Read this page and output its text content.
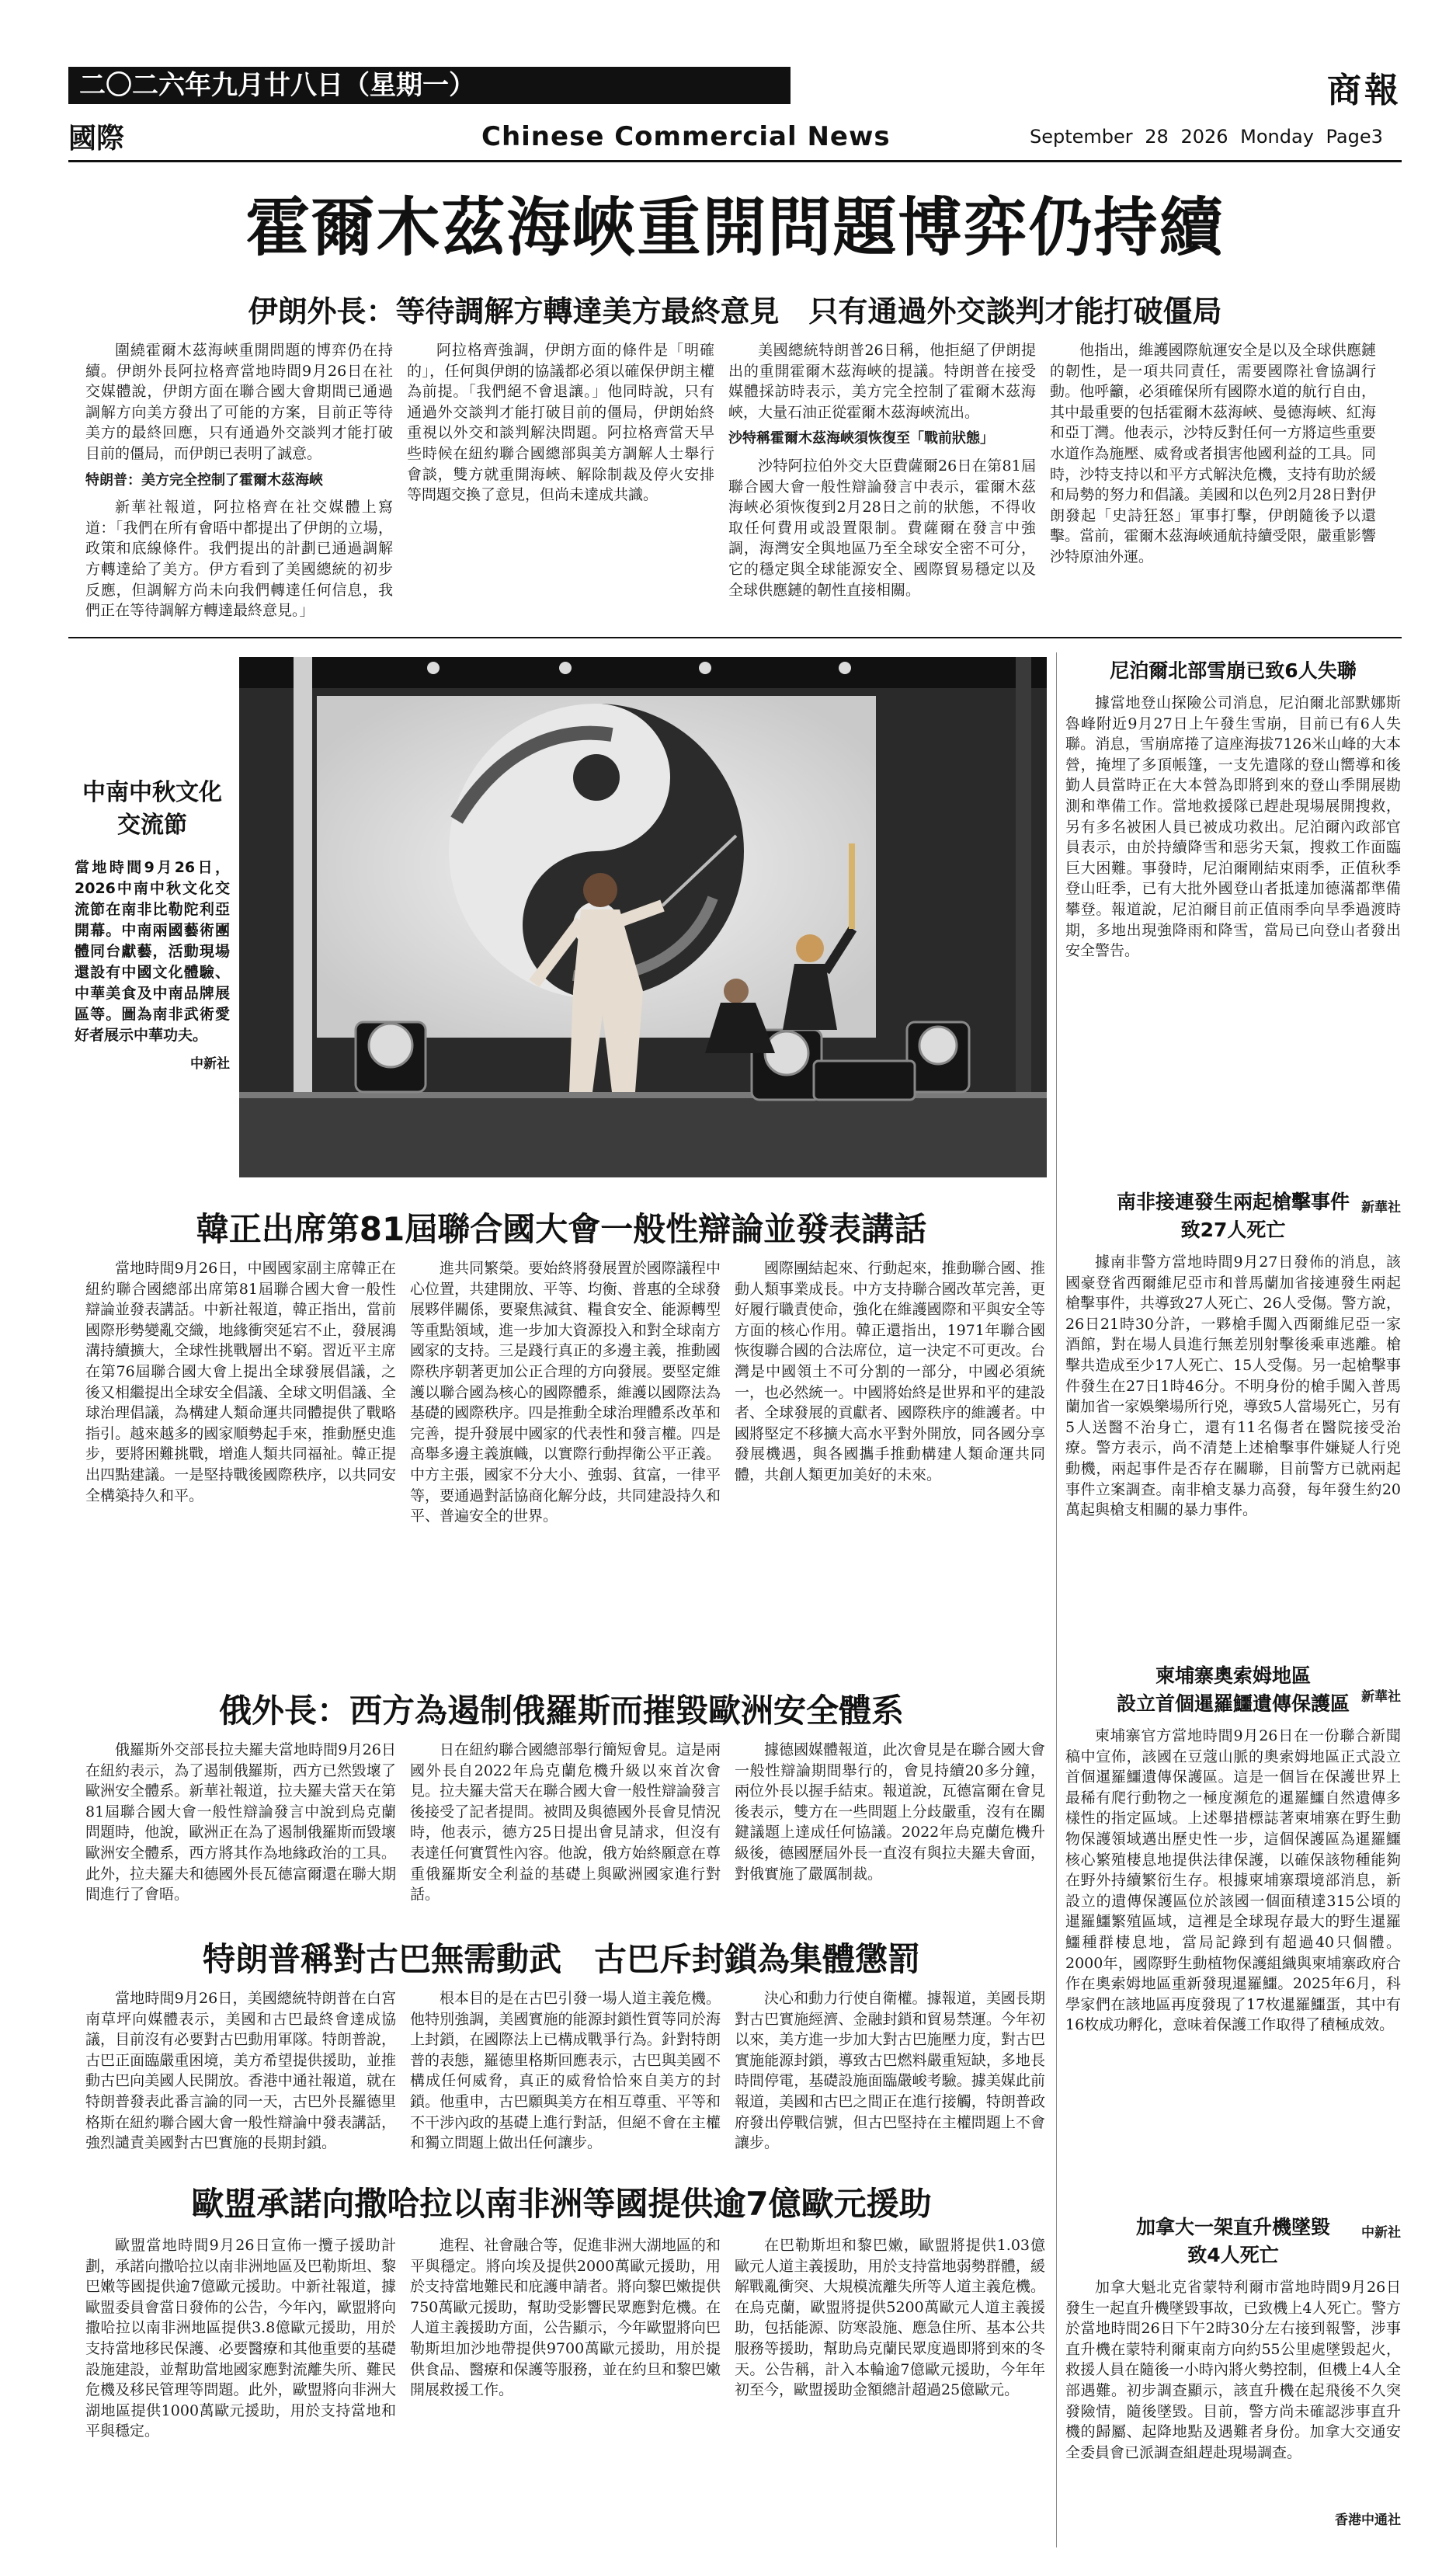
二〇二六年九月廿八日（星期一）	商報
國際	Chinese Commercial News	September 28 2026 Monday Page3
霍爾木茲海峽重開問題博弈仍持續
伊朗外長：等待調解方轉達美方最終意見　只有通過外交談判才能打破僵局

圍繞霍爾木茲海峽重開問題的博弈仍在持續。伊朗外長阿拉格齊當地時間9月26日在社交媒體說，伊朗方面在聯合國大會期間已通過調解方向美方發出了可能的方案，目前正等待美方的最終回應，只有通過外交談判才能打破目前的僵局，而伊朗已表明了誠意。

特朗普：美方完全控制了霍爾木茲海峽

新華社報道，阿拉格齊在社交媒體上寫道：「我們在所有會晤中都提出了伊朗的立場，政策和底線條件。我們提出的計劃已通過調解方轉達給了美方。伊方看到了美國總統的初步反應，但調解方尚未向我們轉達任何信息，我們正在等待調解方轉達最終意見。」

阿拉格齊強調，伊朗方面的條件是「明確的」，任何與伊朗的協議都必須以確保伊朗主權為前提。「我們絕不會退讓。」他同時說，只有通過外交談判才能打破目前的僵局，伊朗始終重視以外交和談判解決問題。阿拉格齊當天早些時候在紐約聯合國總部與美方調解人士舉行會談，雙方就重開海峽、解除制裁及停火安排等問題交換了意見，但尚未達成共識。

美國總統特朗普26日稱，他拒絕了伊朗提出的重開霍爾木茲海峽的提議。特朗普在接受媒體採訪時表示，美方完全控制了霍爾木茲海峽，大量石油正從霍爾木茲海峽流出。

沙特稱霍爾木茲海峽須恢復至「戰前狀態」

沙特阿拉伯外交大臣費薩爾26日在第81屆聯合國大會一般性辯論發言中表示，霍爾木茲海峽必須恢復到2月28日之前的狀態，不得收取任何費用或設置限制。費薩爾在發言中強調，海灣安全與地區乃至全球安全密不可分，它的穩定與全球能源安全、國際貿易穩定以及全球供應鏈的韌性直接相關。

他指出，維護國際航運安全是以及全球供應鏈的韌性，是一項共同責任，需要國際社會協調行動。他呼籲，必須確保所有國際水道的航行自由，其中最重要的包括霍爾木茲海峽、曼德海峽、紅海和亞丁灣。他表示，沙特反對任何一方將這些重要水道作為施壓、威脅或者損害他國利益的工具。同時，沙特支持以和平方式解決危機，支持有助於緩和局勢的努力和倡議。美國和以色列2月28日對伊朗發起「史詩狂怒」軍事打擊，伊朗隨後予以還擊。當前，霍爾木茲海峽通航持續受限，嚴重影響沙特原油外運。

中南中秋文化交流節
當地時間9月26日，2026中南中秋文化交流節在南非比勒陀利亞開幕。中南兩國藝術團體同台獻藝，活動現場還設有中國文化體驗、中華美食及中南品牌展區等。圖為南非武術愛好者展示中華功夫。
中新社
尼泊爾北部雪崩已致6人失聯

據當地登山探險公司消息，尼泊爾北部默娜斯魯峰附近9月27日上午發生雪崩，目前已有6人失聯。消息，雪崩席捲了這座海拔7126米山峰的大本營，掩埋了多頂帳篷，一支先遣隊的登山嚮導和後勤人員當時正在大本營為即將到來的登山季開展勘測和準備工作。當地救援隊已趕赴現場展開搜救，另有多名被困人員已被成功救出。尼泊爾內政部官員表示，由於持續降雪和惡劣天氣，搜救工作面臨巨大困難。事發時，尼泊爾剛結束雨季，正值秋季登山旺季，已有大批外國登山者抵達加德滿都準備攀登。報道說，尼泊爾目前正值雨季向旱季過渡時期，多地出現強降雨和降雪，當局已向登山者發出安全警告。

新華社

南非接連發生兩起槍擊事件
致27人死亡

據南非警方當地時間9月27日發佈的消息，該國豪登省西爾維尼亞市和普馬蘭加省接連發生兩起槍擊事件，共導致27人死亡、26人受傷。警方說，26日21時30分許，一夥槍手闖入西爾維尼亞一家酒館，對在場人員進行無差別射擊後乘車逃離。槍擊共造成至少17人死亡、15人受傷。另一起槍擊事件發生在27日1時46分。不明身份的槍手闖入普馬蘭加省一家娛樂場所行兇，導致5人當場死亡，另有5人送醫不治身亡，還有11名傷者在醫院接受治療。警方表示，尚不清楚上述槍擊事件嫌疑人行兇動機，兩起事件是否存在關聯，目前警方已就兩起事件立案調查。南非槍支暴力高發，每年發生約20萬起與槍支相關的暴力事件。

新華社

柬埔寨奧索姆地區
設立首個暹羅鱷遺傳保護區

柬埔寨官方當地時間9月26日在一份聯合新聞稿中宣佈，該國在豆蔻山脈的奧索姆地區正式設立首個暹羅鱷遺傳保護區。這是一個旨在保護世界上最稀有爬行動物之一極度瀕危的暹羅鱷自然遺傳多樣性的指定區域。上述舉措標誌著柬埔寨在野生動物保護領域邁出歷史性一步，這個保護區為暹羅鱷核心繁殖棲息地提供法律保護，以確保該物種能夠在野外持續繁衍生存。根據柬埔寨環境部消息，新設立的遺傳保護區位於該國一個面積達315公頃的暹羅鱷繁殖區域，這裡是全球現存最大的野生暹羅鱷種群棲息地，當局記錄到有超過40只個體。2000年，國際野生動植物保護組織與柬埔寨政府合作在奧索姆地區重新發現暹羅鱷。2025年6月，科學家們在該地區再度發現了17枚暹羅鱷蛋，其中有16枚成功孵化，意味着保護工作取得了積極成效。

中新社

加拿大一架直升機墜毀
致4人死亡

加拿大魁北克省蒙特利爾市當地時間9月26日發生一起直升機墜毀事故，已致機上4人死亡。警方於當地時間26日下午2時30分左右接到報警，涉事直升機在蒙特利爾東南方向約55公里處墜毀起火，救援人員在隨後一小時內將火勢控制，但機上4人全部遇難。初步調查顯示，該直升機在起飛後不久突發險情，隨後墜毀。目前，警方尚未確認涉事直升機的歸屬、起降地點及遇難者身份。加拿大交通安全委員會已派調查組趕赴現場調查。

香港中通社

韓正出席第81屆聯合國大會一般性辯論並發表講話

當地時間9月26日，中國國家副主席韓正在紐約聯合國總部出席第81屆聯合國大會一般性辯論並發表講話。中新社報道，韓正指出，當前國際形勢變亂交織，地緣衝突延宕不止，發展鴻溝持續擴大，全球性挑戰層出不窮。習近平主席在第76屆聯合國大會上提出全球發展倡議，之後又相繼提出全球安全倡議、全球文明倡議、全球治理倡議，為構建人類命運共同體提供了戰略指引。越來越多的國家順勢起手來，推動歷史進步，要將困難挑戰，增進人類共同福祉。韓正提出四點建議。一是堅持戰後國際秩序，以共同安全構築持久和平。

進共同繁榮。要始終將發展置於國際議程中心位置，共建開放、平等、均衡、普惠的全球發展夥伴關係，要聚焦減貧、糧食安全、能源轉型等重點領域，進一步加大資源投入和對全球南方國家的支持。三是踐行真正的多邊主義，推動國際秩序朝著更加公正合理的方向發展。要堅定維護以聯合國為核心的國際體系，維護以國際法為基礎的國際秩序。四是推動全球治理體系改革和完善，提升發展中國家的代表性和發言權。四是高舉多邊主義旗幟，以實際行動捍衛公平正義。中方主張，國家不分大小、強弱、貧富，一律平等，要通過對話協商化解分歧，共同建設持久和平、普遍安全的世界。

國際團結起來、行動起來，推動聯合國、推動人類事業成長。中方支持聯合國改革完善，更好履行職責使命，強化在維護國際和平與安全等方面的核心作用。韓正還指出，1971年聯合國恢復聯合國的合法席位，這一決定不可更改。台灣是中國領土不可分割的一部分，中國必須統一，也必然統一。中國將始終是世界和平的建設者、全球發展的貢獻者、國際秩序的維護者。中國將堅定不移擴大高水平對外開放，同各國分享發展機遇，與各國攜手推動構建人類命運共同體，共創人類更加美好的未來。

俄外長：西方為遏制俄羅斯而摧毀歐洲安全體系

俄羅斯外交部長拉夫羅夫當地時間9月26日在紐約表示，為了遏制俄羅斯，西方已然毀壞了歐洲安全體系。新華社報道，拉夫羅夫當天在第81屆聯合國大會一般性辯論發言中說到烏克蘭問題時，他說，歐洲正在為了遏制俄羅斯而毀壞歐洲安全體系，西方將其作為地緣政治的工具。此外，拉夫羅夫和德國外長瓦德富爾還在聯大期間進行了會晤。

日在紐約聯合國總部舉行簡短會見。這是兩國外長自2022年烏克蘭危機升級以來首次會見。拉夫羅夫當天在聯合國大會一般性辯論發言後接受了記者提問。被問及與德國外長會見情況時，他表示，德方25日提出會見請求，但沒有表達任何實質性內容。他說，俄方始終願意在尊重俄羅斯安全利益的基礎上與歐洲國家進行對話。

據德國媒體報道，此次會見是在聯合國大會一般性辯論期間舉行的，會見持續20多分鐘，兩位外長以握手結束。報道說，瓦德富爾在會見後表示，雙方在一些問題上分歧嚴重，沒有在關鍵議題上達成任何協議。2022年烏克蘭危機升級後，德國歷屆外長一直沒有與拉夫羅夫會面，對俄實施了嚴厲制裁。

特朗普稱對古巴無需動武　古巴斥封鎖為集體懲罰

當地時間9月26日，美國總統特朗普在白宮南草坪向媒體表示，美國和古巴最終會達成協議，目前沒有必要對古巴動用軍隊。特朗普說，古巴正面臨嚴重困境，美方希望提供援助，並推動古巴向美國人民開放。香港中通社報道，就在特朗普發表此番言論的同一天，古巴外長羅德里格斯在紐約聯合國大會一般性辯論中發表講話，強烈譴責美國對古巴實施的長期封鎖。

根本目的是在古巴引發一場人道主義危機。他特別強調，美國實施的能源封鎖性質等同於海上封鎖，在國際法上已構成戰爭行為。針對特朗普的表態，羅德里格斯回應表示，古巴與美國不構成任何威脅，真正的威脅恰恰來自美方的封鎖。他重申，古巴願與美方在相互尊重、平等和不干涉內政的基礎上進行對話，但絕不會在主權和獨立問題上做出任何讓步。

決心和動力行使自衛權。據報道，美國長期對古巴實施經濟、金融封鎖和貿易禁運。今年初以來，美方進一步加大對古巴施壓力度，對古巴實施能源封鎖，導致古巴燃料嚴重短缺，多地長時間停電，基礎設施面臨嚴峻考驗。據美媒此前報道，美國和古巴之間正在進行接觸，特朗普政府發出停戰信號，但古巴堅持在主權問題上不會讓步。

歐盟承諾向撒哈拉以南非洲等國提供逾7億歐元援助

歐盟當地時間9月26日宣佈一攬子援助計劃，承諾向撒哈拉以南非洲地區及巴勒斯坦、黎巴嫩等國提供逾7億歐元援助。中新社報道，據歐盟委員會當日發佈的公告，今年內，歐盟將向撒哈拉以南非洲地區提供3.8億歐元援助，用於支持當地移民保護、必要醫療和其他重要的基礎設施建設，並幫助當地國家應對流離失所、難民危機及移民管理等問題。此外，歐盟將向非洲大湖地區提供1000萬歐元援助，用於支持當地和平與穩定。

進程、社會融合等，促進非洲大湖地區的和平與穩定。將向埃及提供2000萬歐元援助，用於支持當地難民和庇護申請者。將向黎巴嫩提供750萬歐元援助，幫助受影響民眾應對危機。在人道主義援助方面，公告顯示，今年歐盟將向巴勒斯坦加沙地帶提供9700萬歐元援助，用於提供食品、醫療和保護等服務，並在約旦和黎巴嫩開展救援工作。

在巴勒斯坦和黎巴嫩，歐盟將提供1.03億歐元人道主義援助，用於支持當地弱勢群體，緩解戰亂衝突、大規模流離失所等人道主義危機。在烏克蘭，歐盟將提供5200萬歐元人道主義援助，包括能源、防寒設施、應急住所、基本公共服務等援助，幫助烏克蘭民眾度過即將到來的冬天。公告稱，計入本輪逾7億歐元援助，今年年初至今，歐盟援助金額總計超過25億歐元。
